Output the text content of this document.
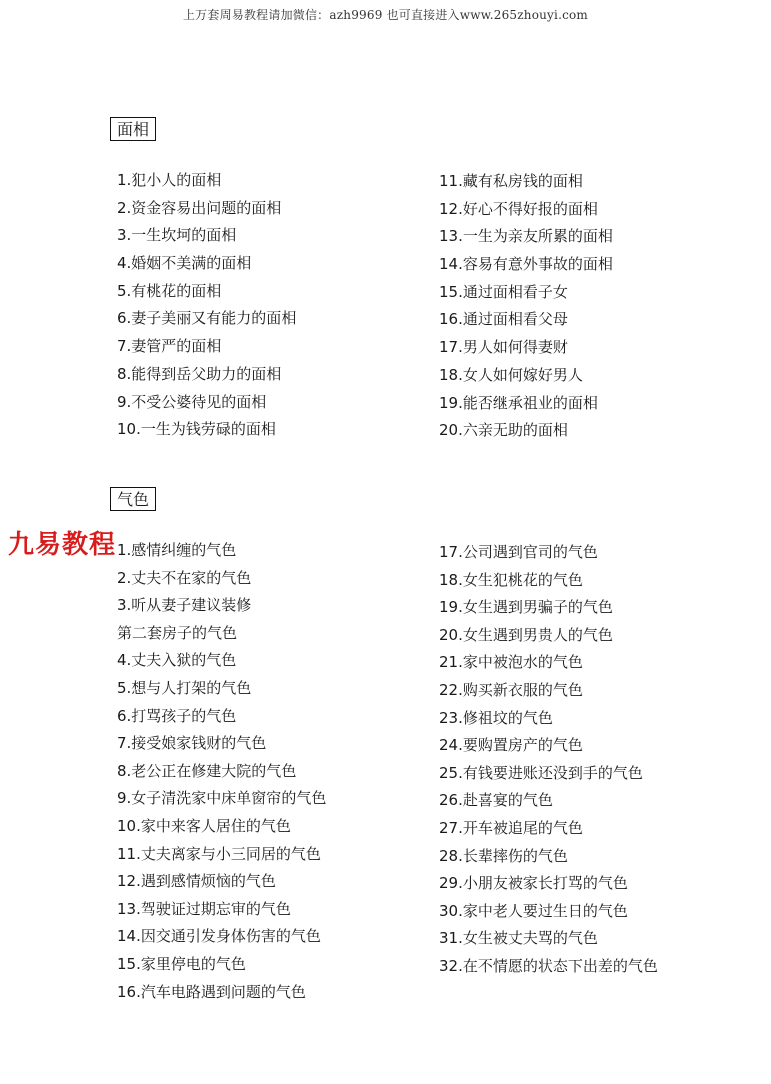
上万套周易教程请加微信：azh9969 也可直接进入www.265zhouyi.com
面相
1.犯小人的面相
2.资金容易出问题的面相
3.一生坎坷的面相
4.婚姻不美满的面相
5.有桃花的面相
6.妻子美丽又有能力的面相
7.妻管严的面相
8.能得到岳父助力的面相
9.不受公婆待见的面相
10.一生为钱劳碌的面相
11.藏有私房钱的面相
12.好心不得好报的面相
13.一生为亲友所累的面相
14.容易有意外事故的面相
15.通过面相看子女
16.通过面相看父母
17.男人如何得妻财
18.女人如何嫁好男人
19.能否继承祖业的面相
20.六亲无助的面相
气色
九易教程 1.感情纠缠的气色
2.丈夫不在家的气色
3.听从妻子建议装修
第二套房子的气色
4.丈夫入狱的气色
5.想与人打架的气色
6.打骂孩子的气色
7.接受娘家钱财的气色
8.老公正在修建大院的气色
9.女子清洗家中床单窗帘的气色
10.家中来客人居住的气色
11.丈夫离家与小三同居的气色
12.遇到感情烦恼的气色
13.驾驶证过期忘审的气色
14.因交通引发身体伤害的气色
15.家里停电的气色
16.汽车电路遇到问题的气色
17.公司遇到官司的气色
18.女生犯桃花的气色
19.女生遇到男骗子的气色
20.女生遇到男贵人的气色
21.家中被泡水的气色
22.购买新衣服的气色
23.修祖坟的气色
24.要购置房产的气色
25.有钱要进账还没到手的气色
26.赴喜宴的气色
27.开车被追尾的气色
28.长辈摔伤的气色
29.小朋友被家长打骂的气色
30.家中老人要过生日的气色
31.女生被丈夫骂的气色
32.在不情愿的状态下出差的气色
